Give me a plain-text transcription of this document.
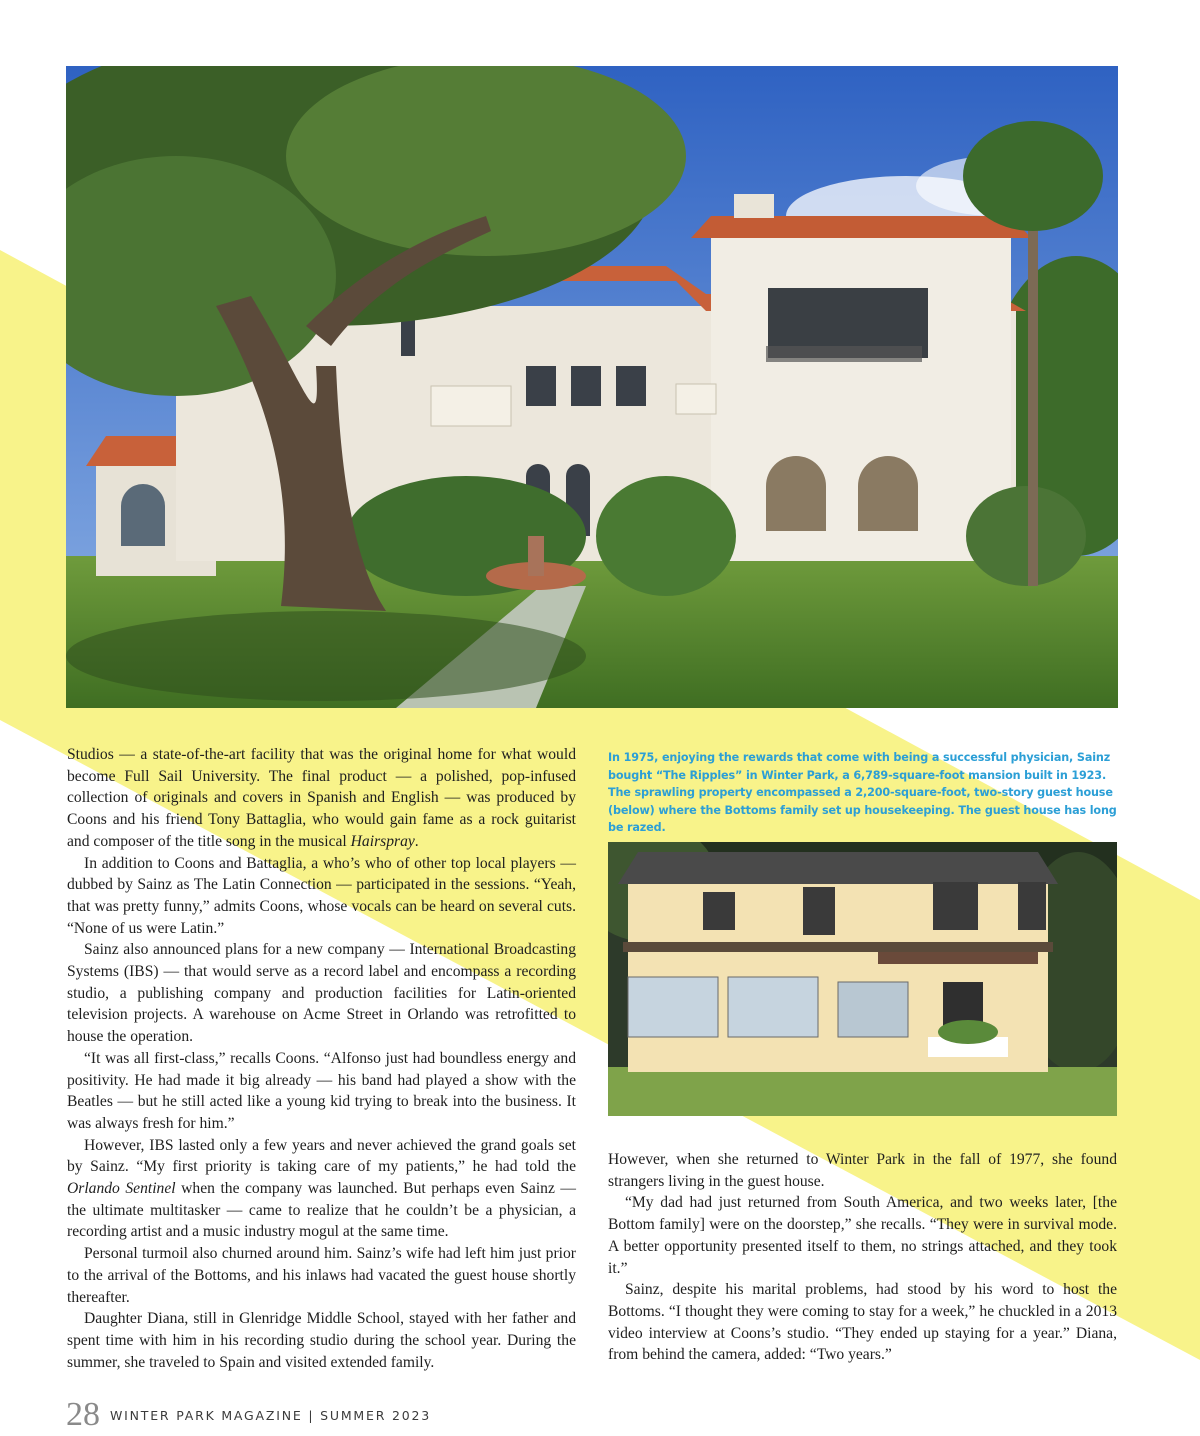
In 1975, enjoying the rewards that come with being a successful physician, Sainz bought “The Ripples” in Winter Park, a 6,789-square-foot mansion built in 1923. The sprawling property encompassed a 2,200-square-foot, two-story guest house (below) where the Bottoms family set up housekeeping. The guest house has long be razed.

Studios — a state-of-the-art facility that was the original home for what would become Full Sail University. The final product — a polished, pop-infused collection of originals and covers in Spanish and English — was produced by Coons and his friend Tony Battaglia, who would gain fame as a rock guitarist and composer of the title song in the musical Hairspray.

In addition to Coons and Battaglia, a who’s who of other top local players — dubbed by Sainz as The Latin Connection — participated in the sessions. “Yeah, that was pretty funny,” admits Coons, whose vocals can be heard on several cuts. “None of us were Latin.”

Sainz also announced plans for a new company — International Broadcasting Systems (IBS) — that would serve as a record label and encompass a recording studio, a publishing company and production facilities for Latin-oriented television projects. A warehouse on Acme Street in Orlando was retrofitted to house the operation.

“It was all first-class,” recalls Coons. “Alfonso just had boundless energy and positivity. He had made it big already — his band had played a show with the Beatles — but he still acted like a young kid trying to break into the business. It was always fresh for him.”

However, IBS lasted only a few years and never achieved the grand goals set by Sainz. “My first priority is taking care of my patients,” he had told the Orlando Sentinel when the company was launched. But perhaps even Sainz — the ultimate multitasker — came to realize that he couldn’t be a physician, a recording artist and a music industry mogul at the same time.

Personal turmoil also churned around him. Sainz’s wife had left him just prior to the arrival of the Bottoms, and his inlaws had vacated the guest house shortly thereafter.

Daughter Diana, still in Glenridge Middle School, stayed with her father and spent time with him in his recording studio during the school year. During the summer, she traveled to Spain and visited extended family.

However, when she returned to Winter Park in the fall of 1977, she found strangers living in the guest house.

“My dad had just returned from South America, and two weeks later, [the Bottom family] were on the doorstep,” she recalls. “They were in survival mode. A better opportunity presented itself to them, no strings attached, and they took it.”

Sainz, despite his marital problems, had stood by his word to host the Bottoms. “I thought they were coming to stay for a week,” he chuckled in a 2013 video interview at Coons’s studio. “They ended up staying for a year.” Diana, from behind the camera, added: “Two years.”

28 WINTER PARK MAGAZINE | SUMMER 2023
